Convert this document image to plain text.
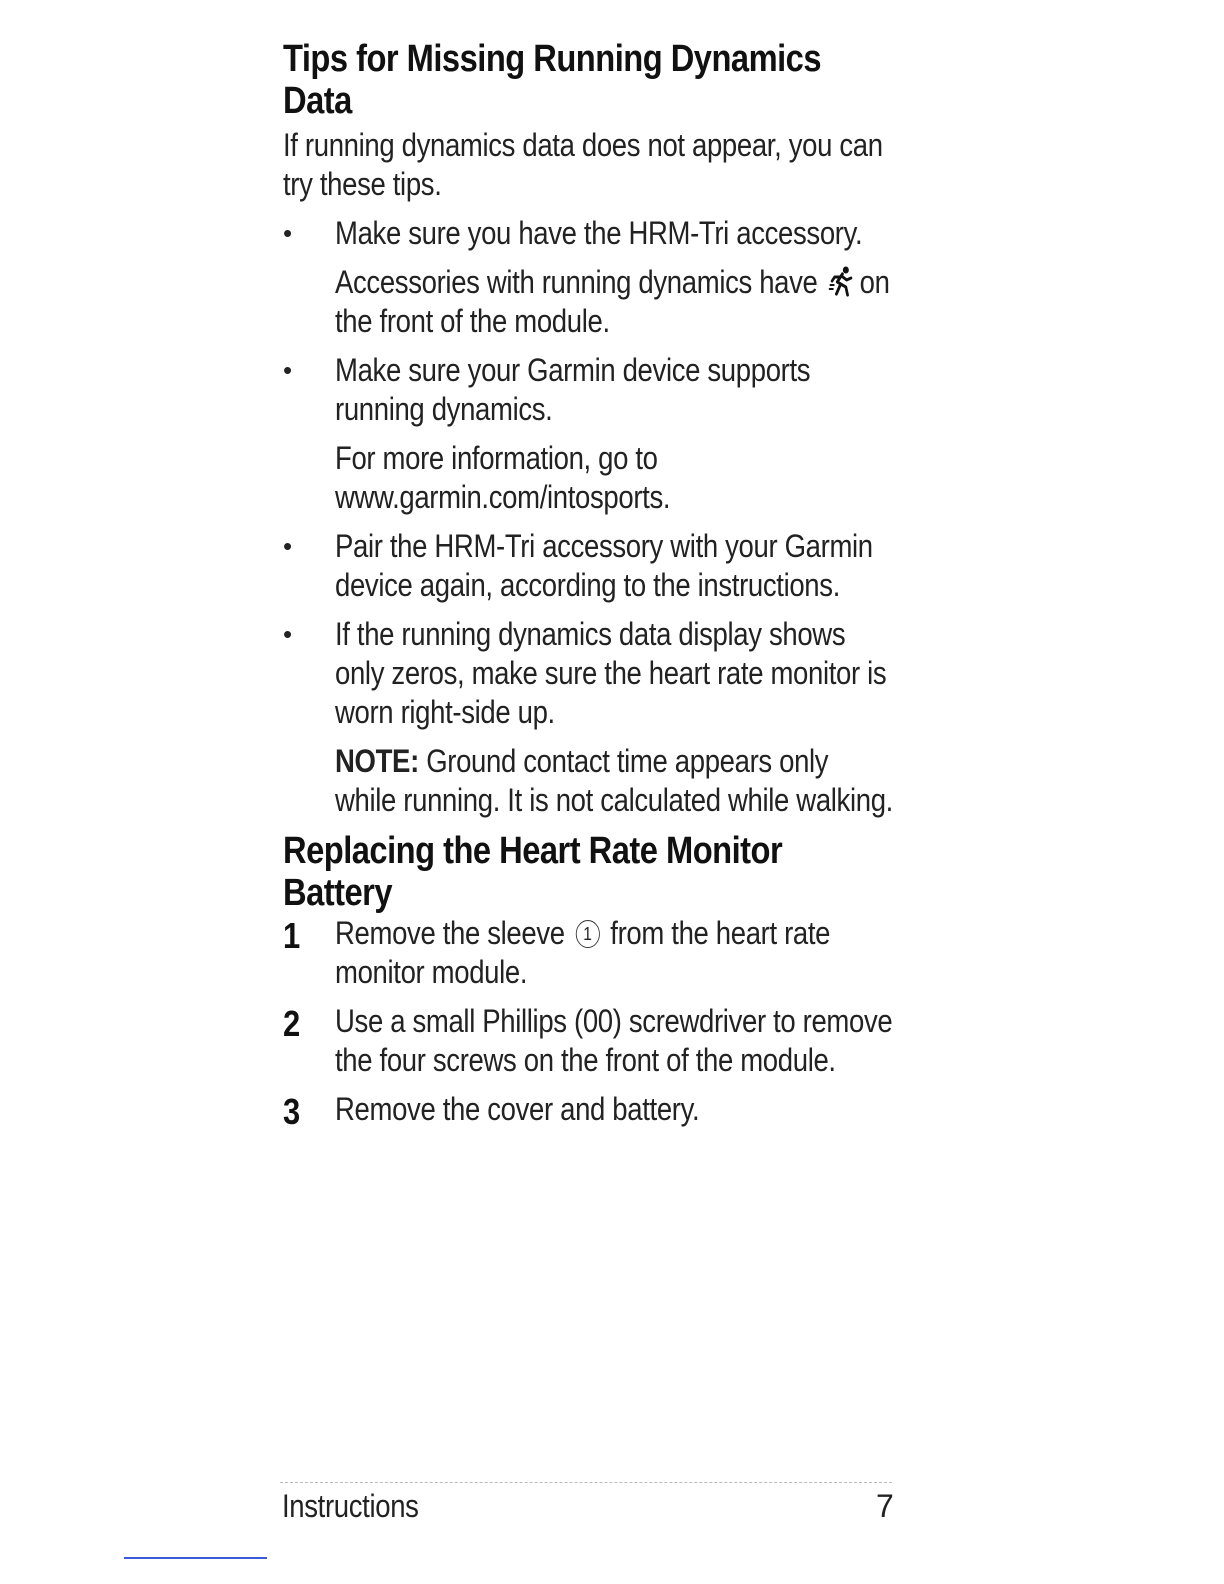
Tips for Missing Running Dynamics Data

If running dynamics data does not appear, you can try these tips.

• Make sure you have the HRM-Tri accessory.

Accessories with running dynamics have  on the front of the module.

• Make sure your Garmin device supports running dynamics.

For more information, go to www.garmin.com/intosports.

• Pair the HRM-Tri accessory with your Garmin device again, according to the instructions.

• If the running dynamics data display shows only zeros, make sure the heart rate monitor is worn right-side up.

NOTE: Ground contact time appears only while running. It is not calculated while walking.

Replacing the Heart Rate Monitor Battery
1 Remove the sleeve 1 from the heart rate monitor module.

2 Use a small Phillips (00) screwdriver to remove the four screws on the front of the module.

3 Remove the cover and battery.

Instructions	7
